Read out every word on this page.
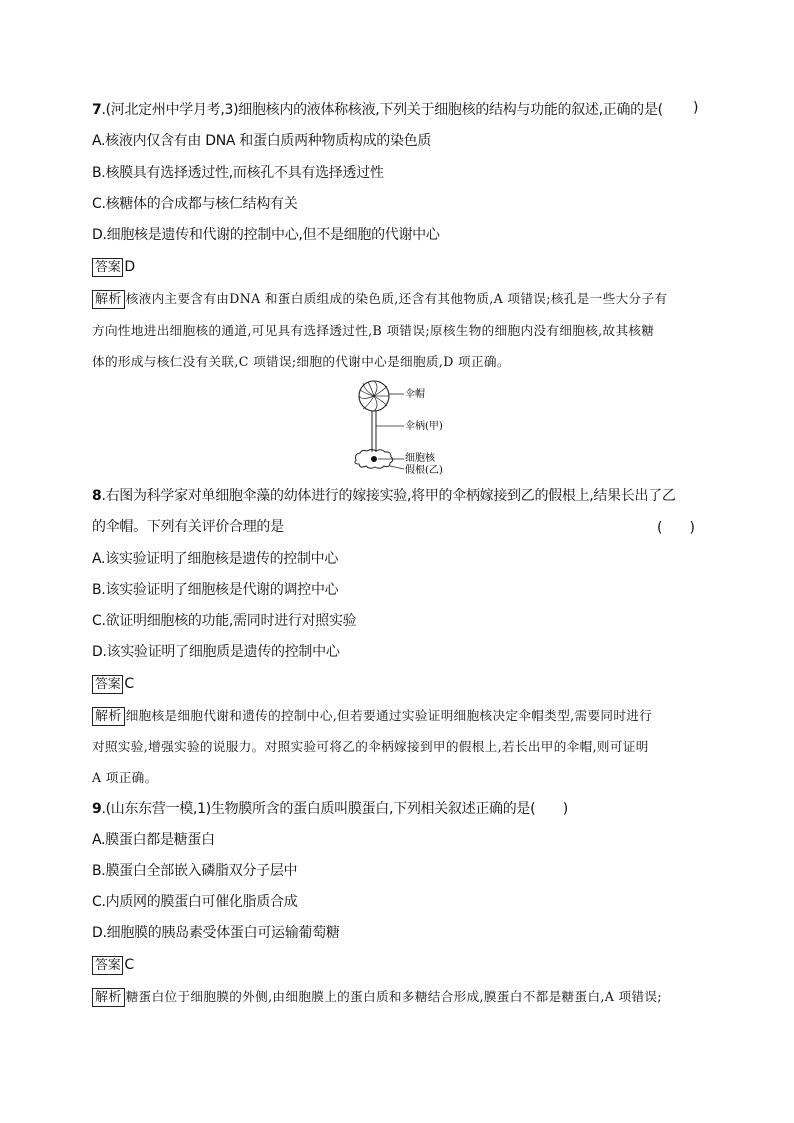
7.(河北定州中学月考,3)细胞核内的液体称核液,下列关于细胞核的结构与功能的叙述,正确的是( )
A.核液内仅含有由 DNA 和蛋白质两种物质构成的染色质
B.核膜具有选择透过性,而核孔不具有选择透过性
C.核糖体的合成都与核仁结构有关
D.细胞核是遗传和代谢的控制中心,但不是细胞的代谢中心
答案 D
解析 核液内主要含有由DNA 和蛋白质组成的染色质,还含有其他物质,A 项错误;核孔是一些大分子有
方向性地进出细胞核的通道,可见具有选择透过性,B 项错误;原核生物的细胞内没有细胞核,故其核糖
体的形成与核仁没有关联,C 项错误;细胞的代谢中心是细胞质,D 项正确。
伞帽
伞柄(甲)
细胞核
假根(乙)
8.右图为科学家对单细胞伞藻的幼体进行的嫁接实验,将甲的伞柄嫁接到乙的假根上,结果长出了乙
的伞帽。下列有关评价合理的是	(　　)
A.该实验证明了细胞核是遗传的控制中心
B.该实验证明了细胞核是代谢的调控中心
C.欲证明细胞核的功能,需同时进行对照实验
D.该实验证明了细胞质是遗传的控制中心
答案 C
解析 细胞核是细胞代谢和遗传的控制中心,但若要通过实验证明细胞核决定伞帽类型,需要同时进行
对照实验,增强实验的说服力。对照实验可将乙的伞柄嫁接到甲的假根上,若长出甲的伞帽,则可证明
A 项正确。
9.(山东东营一模,1)生物膜所含的蛋白质叫膜蛋白,下列相关叙述正确的是(　　)
A.膜蛋白都是糖蛋白
B.膜蛋白全部嵌入磷脂双分子层中
C.内质网的膜蛋白可催化脂质合成
D.细胞膜的胰岛素受体蛋白可运输葡萄糖
答案 C
解析 糖蛋白位于细胞膜的外侧,由细胞膜上的蛋白质和多糖结合形成,膜蛋白不都是糖蛋白,A 项错误;
